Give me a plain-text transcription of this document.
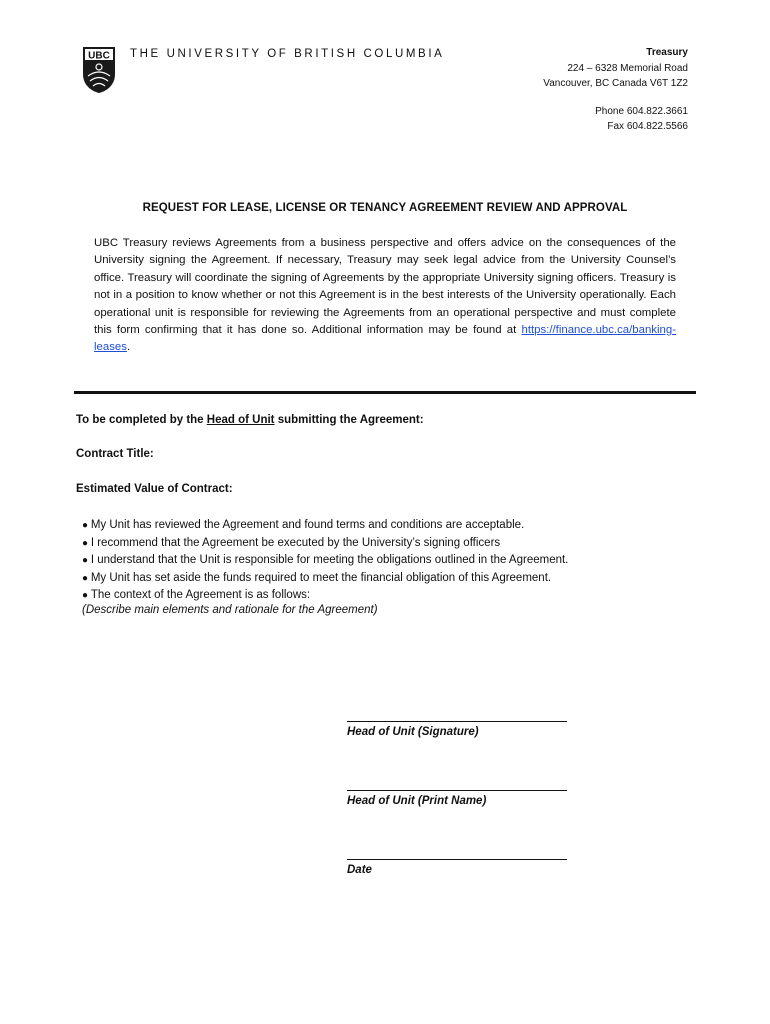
UBC THE UNIVERSITY OF BRITISH COLUMBIA	Treasury
224 – 6328 Memorial Road
Vancouver, BC Canada V6T 1Z2
Phone 604.822.3661
Fax 604.822.5566
REQUEST FOR LEASE, LICENSE OR TENANCY AGREEMENT REVIEW AND APPROVAL
UBC Treasury reviews Agreements from a business perspective and offers advice on the consequences of the University signing the Agreement. If necessary, Treasury may seek legal advice from the University Counsel’s office. Treasury will coordinate the signing of Agreements by the appropriate University signing officers. Treasury is not in a position to know whether or not this Agreement is in the best interests of the University operationally. Each operational unit is responsible for reviewing the Agreements from an operational perspective and must complete this form confirming that it has done so. Additional information may be found at https://finance.ubc.ca/banking-leases.
To be completed by the Head of Unit submitting the Agreement:
Contract Title:
Estimated Value of Contract:
● My Unit has reviewed the Agreement and found terms and conditions are acceptable.
● I recommend that the Agreement be executed by the University’s signing officers
● I understand that the Unit is responsible for meeting the obligations outlined in the Agreement.
● My Unit has set aside the funds required to meet the financial obligation of this Agreement.
● The context of the Agreement is as follows:
(Describe main elements and rationale for the Agreement)
Head of Unit (Signature)
Head of Unit (Print Name)
Date
